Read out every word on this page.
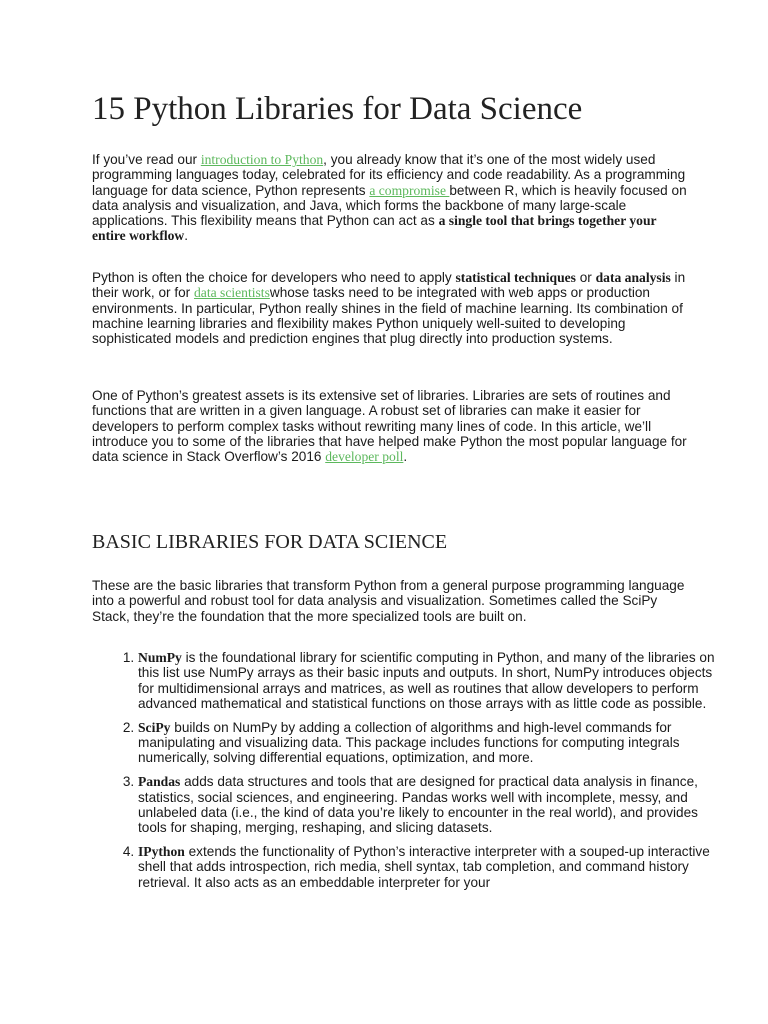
15 Python Libraries for Data Science

If you’ve read our introduction to Python, you already know that it’s one of the most widely used programming languages today, celebrated for its efficiency and code readability. As a programming language for data science, Python represents a compromise between R, which is heavily focused on data analysis and visualization, and Java, which forms the backbone of many large-scale applications. This flexibility means that Python can act as a single tool that brings together your entire workflow.

Python is often the choice for developers who need to apply statistical techniques or data analysis in their work, or for data scientistswhose tasks need to be integrated with web apps or production environments. In particular, Python really shines in the field of machine learning. Its combination of machine learning libraries and flexibility makes Python uniquely well-suited to developing sophisticated models and prediction engines that plug directly into production systems.

One of Python’s greatest assets is its extensive set of libraries. Libraries are sets of routines and functions that are written in a given language. A robust set of libraries can make it easier for developers to perform complex tasks without rewriting many lines of code. In this article, we’ll introduce you to some of the libraries that have helped make Python the most popular language for data science in Stack Overflow’s 2016 developer poll.

BASIC LIBRARIES FOR DATA SCIENCE

These are the basic libraries that transform Python from a general purpose programming language into a powerful and robust tool for data analysis and visualization. Sometimes called the SciPy Stack, they’re the foundation that the more specialized tools are built on.

1. NumPy is the foundational library for scientific computing in Python, and many of the libraries on this list use NumPy arrays as their basic inputs and outputs. In short, NumPy introduces objects for multidimensional arrays and matrices, as well as routines that allow developers to perform advanced mathematical and statistical functions on those arrays with as little code as possible.
2. SciPy builds on NumPy by adding a collection of algorithms and high-level commands for manipulating and visualizing data. This package includes functions for computing integrals numerically, solving differential equations, optimization, and more.
3. Pandas adds data structures and tools that are designed for practical data analysis in finance, statistics, social sciences, and engineering. Pandas works well with incomplete, messy, and unlabeled data (i.e., the kind of data you’re likely to encounter in the real world), and provides tools for shaping, merging, reshaping, and slicing datasets.
4. IPython extends the functionality of Python’s interactive interpreter with a souped-up interactive shell that adds introspection, rich media, shell syntax, tab completion, and command history retrieval. It also acts as an embeddable interpreter for your
